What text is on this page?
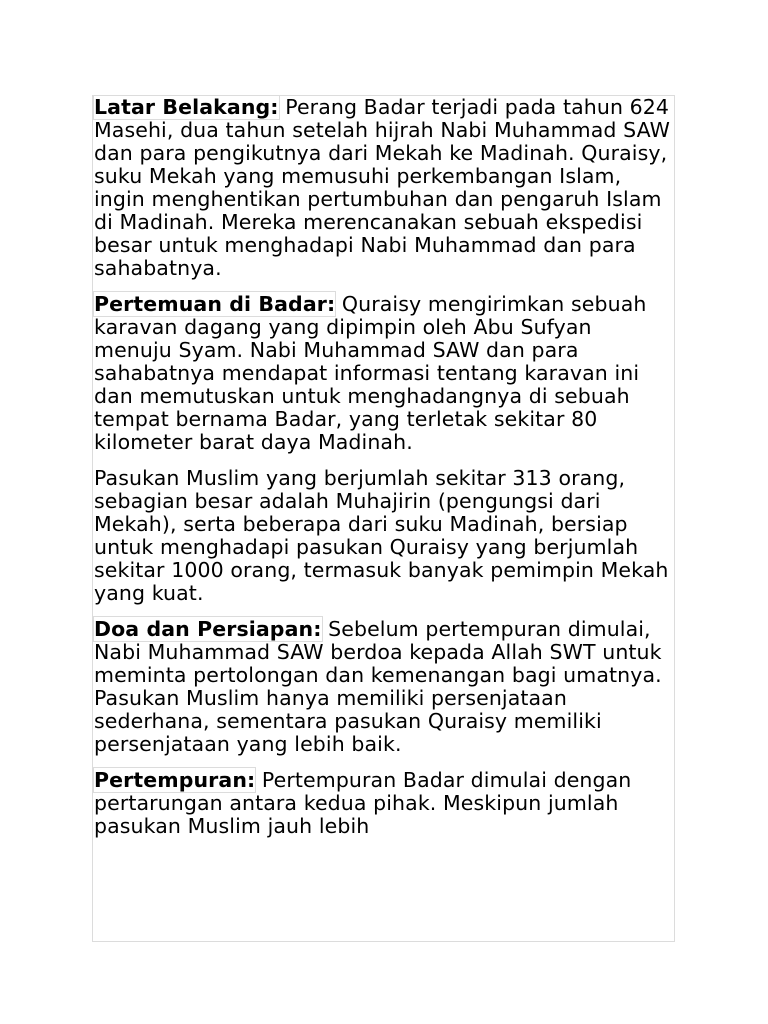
Latar Belakang: Perang Badar terjadi pada tahun 624 Masehi, dua tahun setelah hijrah Nabi Muhammad SAW dan para pengikutnya dari Mekah ke Madinah. Quraisy, suku Mekah yang memusuhi perkembangan Islam, ingin menghentikan pertumbuhan dan pengaruh Islam di Madinah. Mereka merencanakan sebuah ekspedisi besar untuk menghadapi Nabi Muhammad dan para sahabatnya.

Pertemuan di Badar: Quraisy mengirimkan sebuah karavan dagang yang dipimpin oleh Abu Sufyan menuju Syam. Nabi Muhammad SAW dan para sahabatnya mendapat informasi tentang karavan ini dan memutuskan untuk menghadangnya di sebuah tempat bernama Badar, yang terletak sekitar 80 kilometer barat daya Madinah.

Pasukan Muslim yang berjumlah sekitar 313 orang, sebagian besar adalah Muhajirin (pengungsi dari Mekah), serta beberapa dari suku Madinah, bersiap untuk menghadapi pasukan Quraisy yang berjumlah sekitar 1000 orang, termasuk banyak pemimpin Mekah yang kuat.

Doa dan Persiapan: Sebelum pertempuran dimulai, Nabi Muhammad SAW berdoa kepada Allah SWT untuk meminta pertolongan dan kemenangan bagi umatnya. Pasukan Muslim hanya memiliki persenjataan sederhana, sementara pasukan Quraisy memiliki persenjataan yang lebih baik.

Pertempuran: Pertempuran Badar dimulai dengan pertarungan antara kedua pihak. Meskipun jumlah pasukan Muslim jauh lebih
